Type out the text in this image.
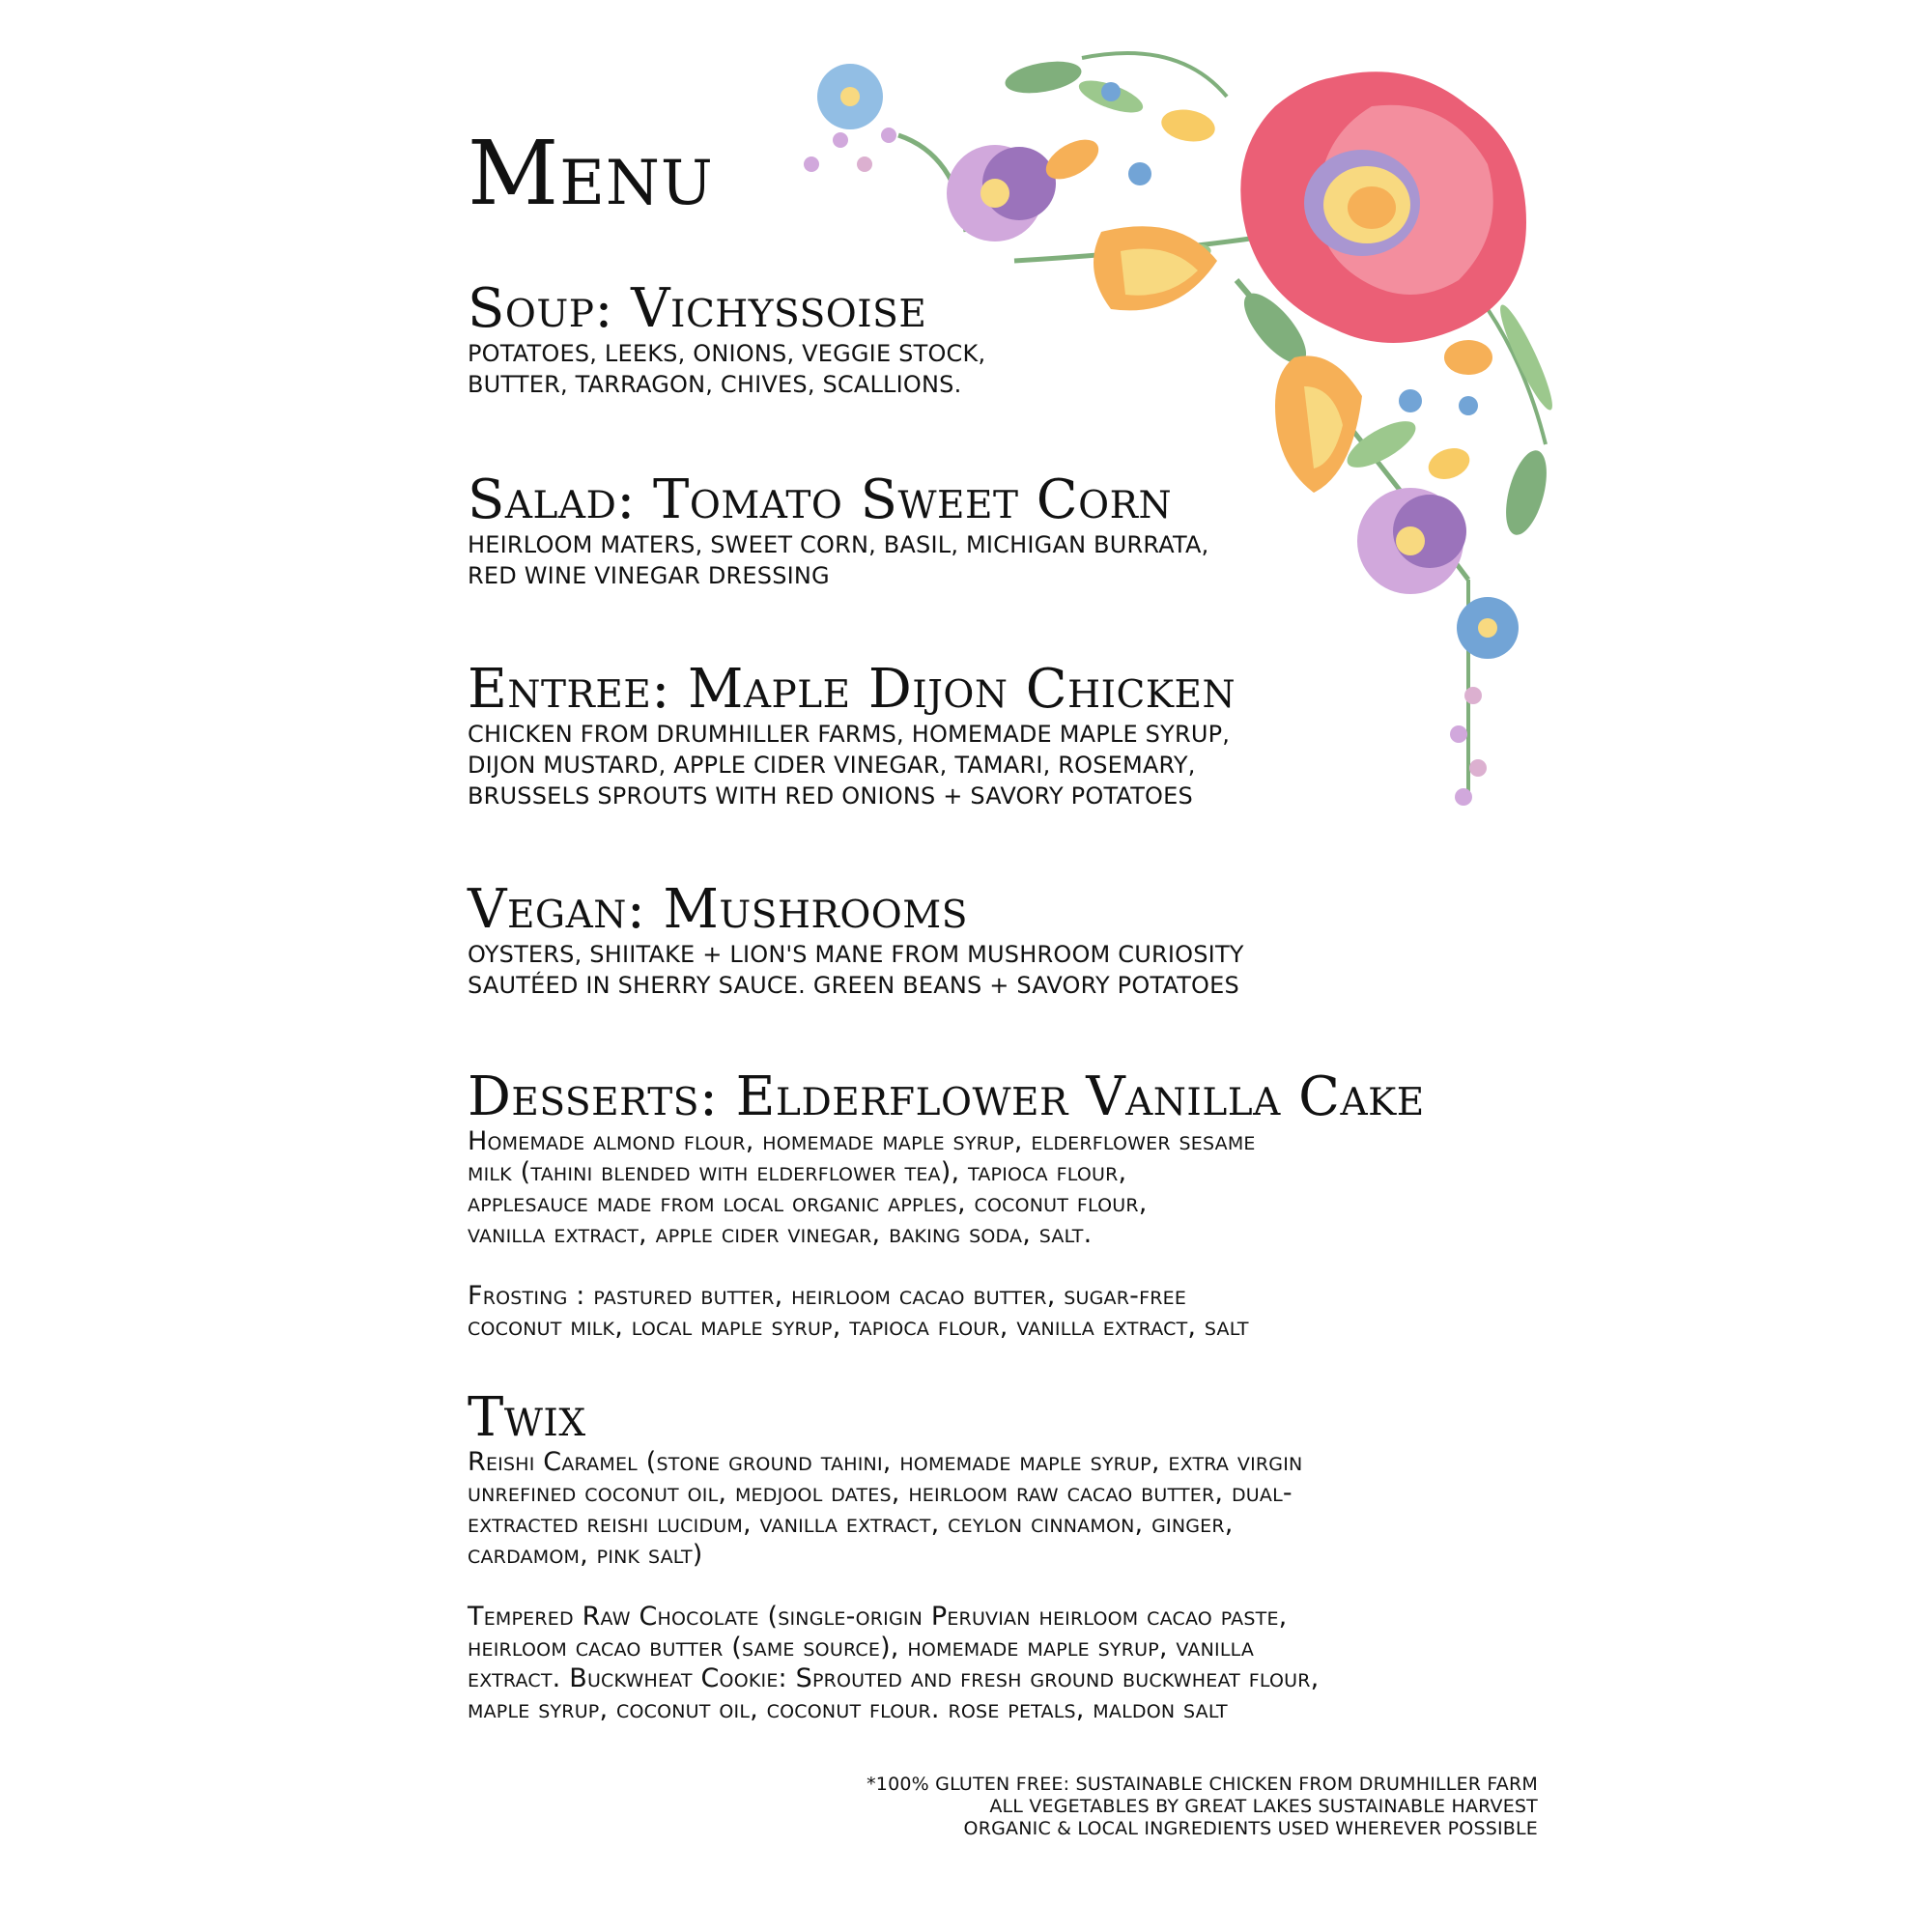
Menu
Soup: Vichyssoise

POTATOES, LEEKS, ONIONS, VEGGIE STOCK,
BUTTER, TARRAGON, CHIVES, SCALLIONS.

Salad: Tomato Sweet Corn

HEIRLOOM MATERS, SWEET CORN, BASIL, MICHIGAN BURRATA,
RED WINE VINEGAR DRESSING

Entree: Maple Dijon Chicken

CHICKEN FROM DRUMHILLER FARMS, HOMEMADE MAPLE SYRUP,
DIJON MUSTARD, APPLE CIDER VINEGAR, TAMARI, ROSEMARY,
BRUSSELS SPROUTS WITH RED ONIONS + SAVORY POTATOES

Vegan: Mushrooms

OYSTERS, SHIITAKE + LION'S MANE FROM MUSHROOM CURIOSITY
SAUTÉED IN SHERRY SAUCE. GREEN BEANS + SAVORY POTATOES

Desserts: Elderflower Vanilla Cake

Homemade almond flour, homemade maple syrup, elderflower sesame
milk (tahini blended with elderflower tea), tapioca flour,
applesauce made from local organic apples, coconut flour,
vanilla extract, apple cider vinegar, baking soda, salt.

Frosting : pastured butter, heirloom cacao butter, sugar-free
coconut milk, local maple syrup, tapioca flour, vanilla extract, salt

Twix

Reishi Caramel (stone ground tahini, homemade maple syrup, extra virgin
unrefined coconut oil, medjool dates, heirloom raw cacao butter, dual-
extracted reishi lucidum, vanilla extract, ceylon cinnamon, ginger,
cardamom, pink salt)

Tempered Raw Chocolate (single-origin Peruvian heirloom cacao paste,
heirloom cacao butter (same source), homemade maple syrup, vanilla
extract. Buckwheat Cookie: Sprouted and fresh ground buckwheat flour,
maple syrup, coconut oil, coconut flour. rose petals, maldon salt

*100% GLUTEN FREE: SUSTAINABLE CHICKEN FROM DRUMHILLER FARM
ALL VEGETABLES BY GREAT LAKES SUSTAINABLE HARVEST
ORGANIC & LOCAL INGREDIENTS USED WHEREVER POSSIBLE
